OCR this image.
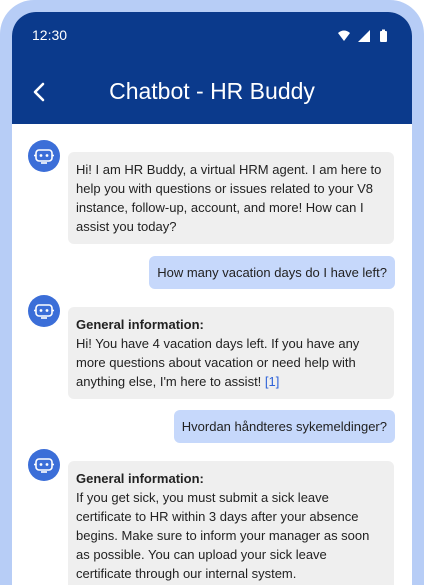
12:30
Chatbot - HR Buddy
Hi! I am HR Buddy, a virtual HRM agent. I am here to help you with questions or issues related to your V8 instance, follow-up, account, and more! How can I assist you today?
How many vacation days do I have left?
General information:
Hi! You have 4 vacation days left. If you have any more questions about vacation or need help with anything else, I'm here to assist! [1]
Hvordan håndteres sykemeldinger?
General information:
If you get sick, you must submit a sick leave certificate to HR within 3 days after your absence begins. Make sure to inform your manager as soon as possible. You can upload your sick leave certificate through our internal system.
